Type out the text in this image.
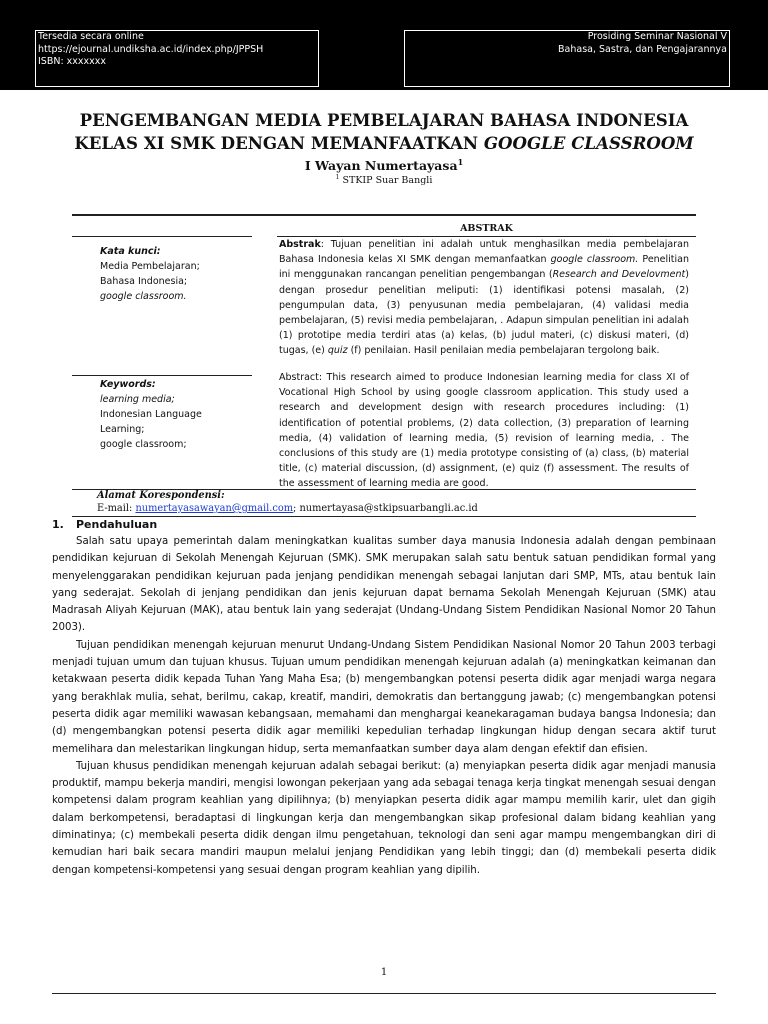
Tersedia secara online
https://ejournal.undiksha.ac.id/index.php/JPPSH
ISBN: xxxxxxx
Prosiding Seminar Nasional V
Bahasa, Sastra, dan Pengajarannya
PENGEMBANGAN MEDIA PEMBELAJARAN BAHASA INDONESIA
KELAS XI SMK DENGAN MEMANFAATKAN GOOGLE CLASSROOM
I Wayan Numertayasa$^1$
$^1$ STKIP Suar Bangli
ABSTRAK
Kata kunci:
Media Pembelajaran;
Bahasa Indonesia;
google classroom.
Keywords:
learning media;
Indonesian Language
Learning;
google classroom;
Abstrak: Tujuan penelitian ini adalah untuk menghasilkan media pembelajaran Bahasa Indonesia kelas XI SMK dengan memanfaatkan google classroom. Penelitian ini menggunakan rancangan penelitian pengembangan (Research and Develovment) dengan prosedur penelitian meliputi: (1) identifikasi potensi masalah, (2) pengumpulan data, (3) penyusunan media pembelajaran, (4) validasi media pembelajaran, (5) revisi media pembelajaran, . Adapun simpulan penelitian ini adalah (1) prototipe media terdiri atas (a) kelas, (b) judul materi, (c) diskusi materi, (d) tugas, (e) quiz (f) penilaian. Hasil penilaian media pembelajaran tergolong baik.
Abstract: This research aimed to produce Indonesian learning media for class XI of Vocational High School by using google classroom application. This study used a research and development design with research procedures including: (1) identification of potential problems, (2) data collection, (3) preparation of learning media, (4) validation of learning media, (5) revision of learning media, . The conclusions of this study are (1) media prototype consisting of (a) class, (b) material title, (c) material discussion, (d) assignment, (e) quiz (f) assessment. The results of the assessment of learning media are good.
Alamat Korespondensi:
E-mail: numertayasawayan@gmail.com; numertayasa@stkipsuarbangli.ac.id
1. Pendahuluan

Salah satu upaya pemerintah dalam meningkatkan kualitas sumber daya manusia Indonesia adalah dengan pembinaan pendidikan kejuruan di Sekolah Menengah Kejuruan (SMK). SMK merupakan salah satu bentuk satuan pendidikan formal yang menyelenggarakan pendidikan kejuruan pada jenjang pendidikan menengah sebagai lanjutan dari SMP, MTs, atau bentuk lain yang sederajat. Sekolah di jenjang pendidikan dan jenis kejuruan dapat bernama Sekolah Menengah Kejuruan (SMK) atau Madrasah Aliyah Kejuruan (MAK), atau bentuk lain yang sederajat (Undang-Undang Sistem Pendidikan Nasional Nomor 20 Tahun 2003).

Tujuan pendidikan menengah kejuruan menurut Undang-Undang Sistem Pendidikan Nasional Nomor 20 Tahun 2003 terbagi menjadi tujuan umum dan tujuan khusus. Tujuan umum pendidikan menengah kejuruan adalah (a) meningkatkan keimanan dan ketakwaan peserta didik kepada Tuhan Yang Maha Esa; (b) mengembangkan potensi peserta didik agar menjadi warga negara yang berakhlak mulia, sehat, berilmu, cakap, kreatif, mandiri, demokratis dan bertanggung jawab; (c) mengembangkan potensi peserta didik agar memiliki wawasan kebangsaan, memahami dan menghargai keanekaragaman budaya bangsa Indonesia; dan (d) mengembangkan potensi peserta didik agar memiliki kepedulian terhadap lingkungan hidup dengan secara aktif turut memelihara dan melestarikan lingkungan hidup, serta memanfaatkan sumber daya alam dengan efektif dan efisien.

Tujuan khusus pendidikan menengah kejuruan adalah sebagai berikut: (a) menyiapkan peserta didik agar menjadi manusia produktif, mampu bekerja mandiri, mengisi lowongan pekerjaan yang ada sebagai tenaga kerja tingkat menengah sesuai dengan kompetensi dalam program keahlian yang dipilihnya; (b) menyiapkan peserta didik agar mampu memilih karir, ulet dan gigih dalam berkompetensi, beradaptasi di lingkungan kerja dan mengembangkan sikap profesional dalam bidang keahlian yang diminatinya; (c) membekali peserta didik dengan ilmu pengetahuan, teknologi dan seni agar mampu mengembangkan diri di kemudian hari baik secara mandiri maupun melalui jenjang Pendidikan yang lebih tinggi; dan (d) membekali peserta didik dengan kompetensi-kompetensi yang sesuai dengan program keahlian yang dipilih.

1
